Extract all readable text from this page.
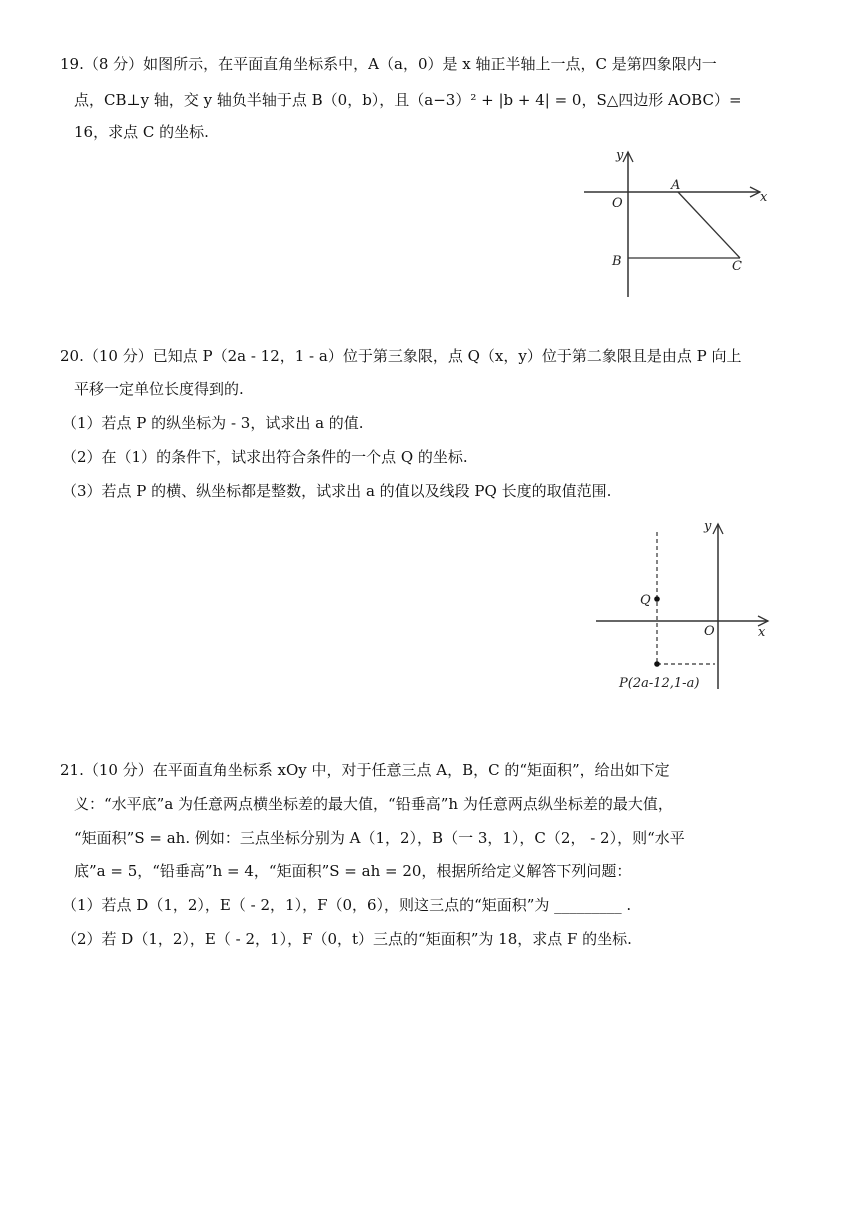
19.（8 分）如图所示，在平面直角坐标系中，A（a，0）是 x 轴正半轴上一点，C 是第四象限内一
点，CB⊥y 轴，交 y 轴负半轴于点 B（0，b），且（a−3）² + |b + 4| = 0，S△四边形 AOBC）=
16，求点 C 的坐标.
y
x
O
A
B	C
20.（10 分）已知点 P（2a - 12，1 - a）位于第三象限，点 Q（x，y）位于第二象限且是由点 P 向上
平移一定单位长度得到的.
（1）若点 P 的纵坐标为 - 3，试求出 a 的值.
（2）在（1）的条件下，试求出符合条件的一个点 Q 的坐标.
（3）若点 P 的横、纵坐标都是整数，试求出 a 的值以及线段 PQ 长度的取值范围.
y
x
O
Q
P(2a-12,1-a)
21.（10 分）在平面直角坐标系 xOy 中，对于任意三点 A，B，C 的“矩面积”，给出如下定
义：“水平底”a 为任意两点横坐标差的最大值，“铅垂高”h 为任意两点纵坐标差的最大值，
“矩面积”S = ah. 例如：三点坐标分别为 A（1，2），B（一 3，1），C（2， - 2），则“水平
底”a = 5，“铅垂高”h = 4，“矩面积”S = ah = 20，根据所给定义解答下列问题：
（1）若点 D（1，2），E（ - 2，1），F（0，6），则这三点的“矩面积”为 _________ .
（2）若 D（1，2），E（ - 2，1），F（0，t）三点的“矩面积”为 18，求点 F 的坐标.
